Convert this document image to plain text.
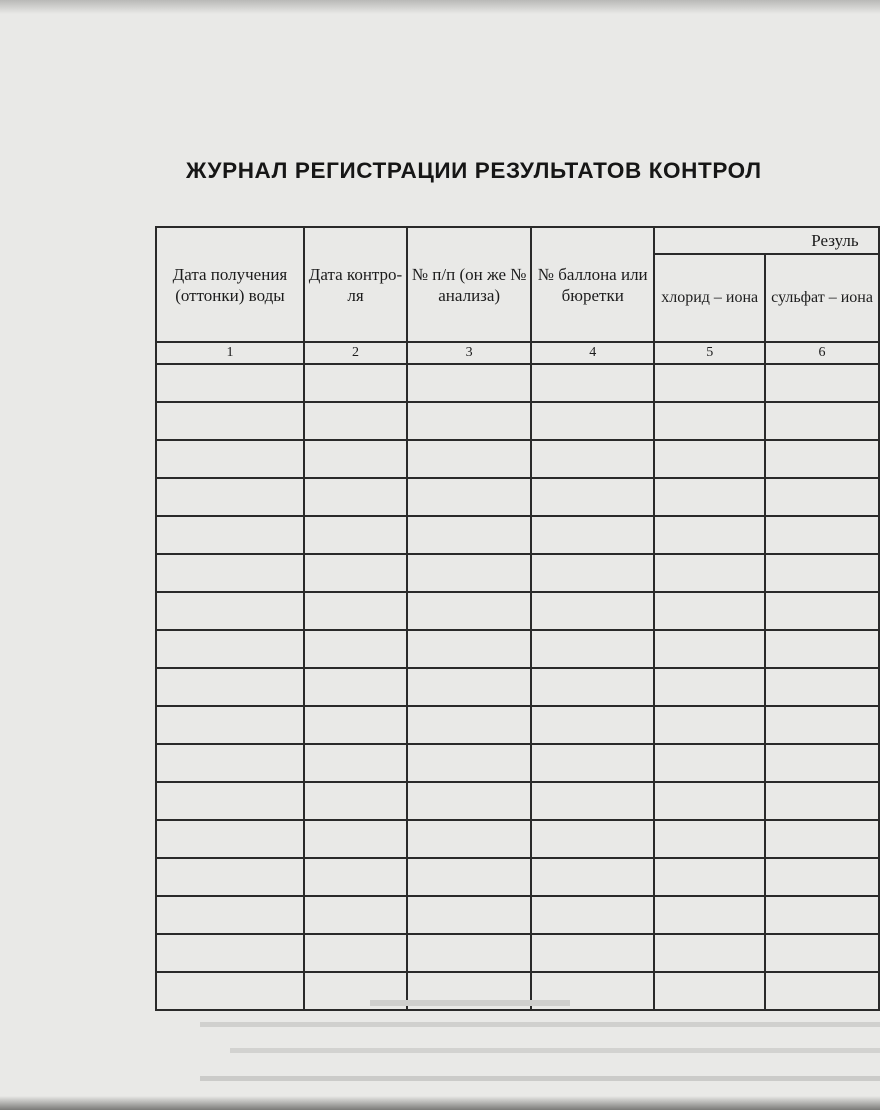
ЖУРНАЛ РЕГИСТРАЦИИ РЕЗУЛЬТАТОВ КОНТРОЛ
Дата получения (оттонки) воды	Дата контро-ля	№ п/п (он же № анализа)	№ баллона или бюретки	Резуль	
				хлорид – иона	сульфат – иона
1	2	3	4	5	6
